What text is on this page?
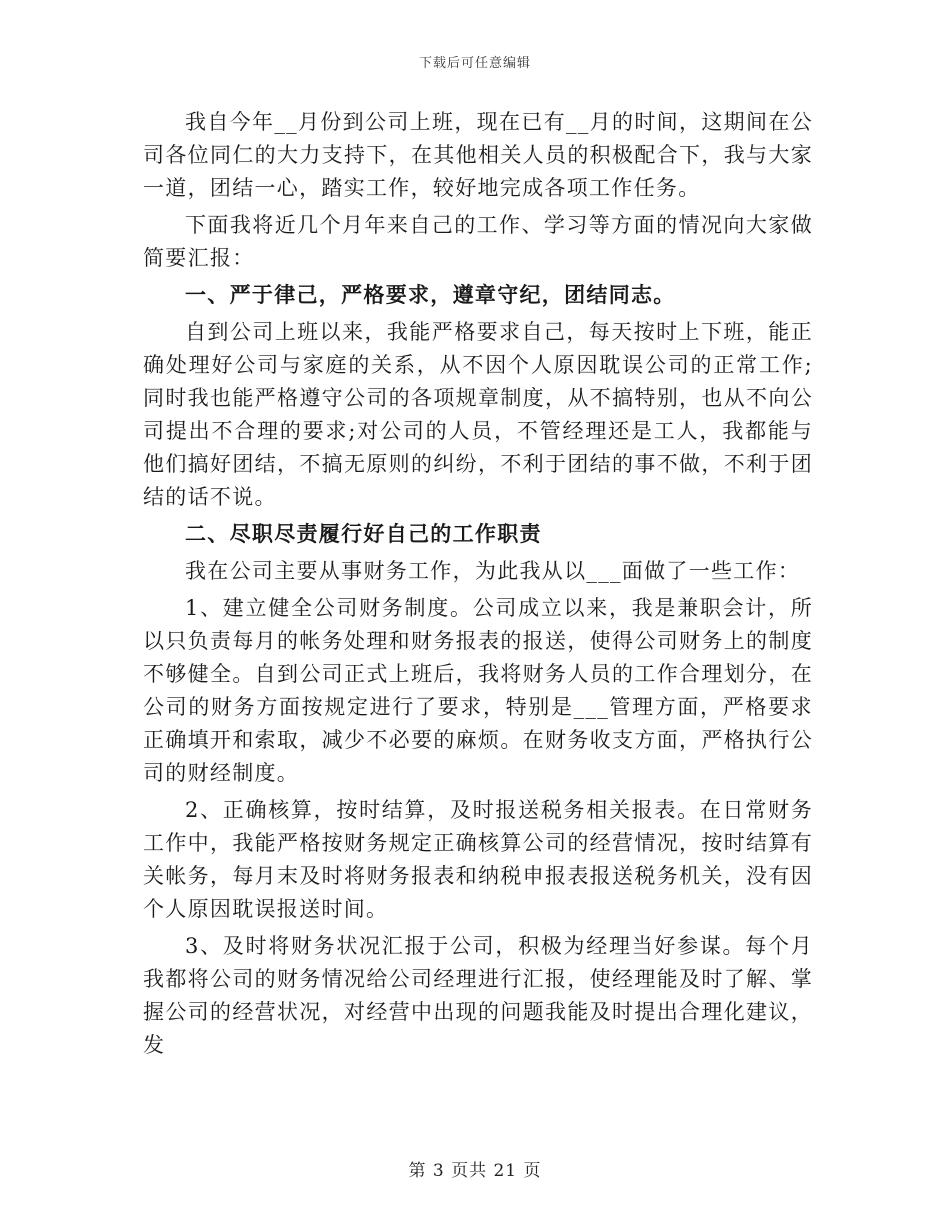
下载后可任意编辑

我自今年__月份到公司上班，现在已有__月的时间，这期间在公司各位同仁的大力支持下，在其他相关人员的积极配合下，我与大家一道，团结一心，踏实工作，较好地完成各项工作任务。

下面我将近几个月年来自己的工作、学习等方面的情况向大家做简要汇报：

一、严于律己，严格要求，遵章守纪，团结同志。

自到公司上班以来，我能严格要求自己，每天按时上下班，能正确处理好公司与家庭的关系，从不因个人原因耽误公司的正常工作;同时我也能严格遵守公司的各项规章制度，从不搞特别，也从不向公司提出不合理的要求;对公司的人员，不管经理还是工人，我都能与他们搞好团结，不搞无原则的纠纷，不利于团结的事不做，不利于团结的话不说。

二、尽职尽责履行好自己的工作职责

我在公司主要从事财务工作，为此我从以___面做了一些工作：

1、建立健全公司财务制度。公司成立以来，我是兼职会计，所以只负责每月的帐务处理和财务报表的报送，使得公司财务上的制度不够健全。自到公司正式上班后，我将财务人员的工作合理划分，在公司的财务方面按规定进行了要求，特别是___管理方面，严格要求正确填开和索取，减少不必要的麻烦。在财务收支方面，严格执行公司的财经制度。

2、正确核算，按时结算，及时报送税务相关报表。在日常财务工作中，我能严格按财务规定正确核算公司的经营情况，按时结算有关帐务，每月末及时将财务报表和纳税申报表报送税务机关，没有因个人原因耽误报送时间。

3、及时将财务状况汇报于公司，积极为经理当好参谋。每个月我都将公司的财务情况给公司经理进行汇报，使经理能及时了解、掌握公司的经营状况，对经营中出现的问题我能及时提出合理化建议，发

第 3 页共 21 页
